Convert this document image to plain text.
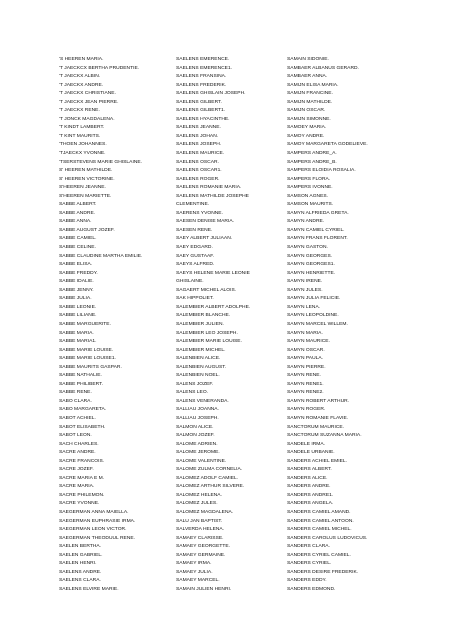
'S HEEREN MARIA.
'T JAECKCX BERTHA PRUDENTIE.
'T JAECKX ALBIN.
'T JAECKX ANDRE.
'T JAECKX CHRISTIANE.
'T JAECKX JEAN PIERRE.
'T JAECKX RENE.
'T JONCK MAGDALENA.
'T KINDT LAMBERT.
'T KINT MAURITS.
'THOEN JOHANNES.
'TJAECKX YVONNE.
'TSERSTEVENS MARIE GHISLAINE.
S' HEEREN MATHILDE.
S' HEEREN VICTORINE.
S'HEEREN JEANNE.
S'HEEREN MARIETTE.
SABBE ALBERT.
SABBE ANDRE.
SABBE ANNA.
SABBE AUGUST JOZEF.
SABBE CAMIEL.
SABBE CELINE.
SABBE CLAUDINE MARTHA EMILIE.
SABBE ELISA.
SABBE FREDDY.
SABBE IDALIE.
SABBE JENNY.
SABBE JULIA.
SABBE LEONIE.
SABBE LILIANE.
SABBE MARGUERITE.
SABBE MARIA.
SABBE MARIA1.
SABBE MARIE LOUISE.
SABBE MARIE LOUISE1.
SABBE MAURITS GASPAR.
SABBE NATHALIE.
SABBE PHILIBERT.
SABBE RENE.
SABO CLARA.
SABO MARGARETA.
SABOT ACHIEL.
SABOT ELISABETH.
SABOT LEON.
SACH CHARLES.
SACRE ANDRE.
SACRE FRANCOIS.
SACRE JOZEF.
SACRE MARIA E M.
SACRE MARIA.
SACRE PHILEMON.
SACRE YVONNE.
SAEGERMAN ANNA MAIELLA.
SAEGERMAN EUPHRASIE IRMA.
SAEGERMAN LEON VICTOR.
SAEGERMAN THEODUUL RENE.
SAELEN BERTHA.
SAELEN GABRIEL.
SAELEN HENRI.
SAELENS ANDRE.
SAELENS CLARA.
SAELENS ELVIRE MARIE.
SAELENS EMERENCE.
SAELENS EMERENCE1.
SAELENS FRANSINA.
SAELENS FREDERIK.
SAELENS GHISLAIN JOSEPH.
SAELENS GILBERT.
SAELENS GILBERT1.
SAELENS HYACINTHE.
SAELENS JEANNE.
SAELENS JOHAN.
SAELENS JOSEPH.
SAELENS MAURICE.
SAELENS OSCAR.
SAELENS OSCAR1.
SAELENS ROGER.
SAELENS ROMANIE MARIA.
SAELENS MATHILDE JOSEPHE
CLEMENTINE.
SAERENS YVONNE.
SAESEN DENISE MARIA.
SAESEN RENE.
SAEY ALBERT JULIAAN.
SAEY EDGARD.
SAEY GUSTAAF.
SAEYS ALFRED.
SAEYS HELENE MARIE LEONIE
GHISLAINE.
SAGAERT MICHEL ALOIS.
SAK HIPPOLIET.
SALEMBIER ALBERT ADOLPHE.
SALEMBIER BLANCHE.
SALEMBIER JULIEN.
SALEMBIER LEO JOSEPH.
SALEMBIER MARIE LOUISE.
SALEMBIER MICHEL.
SALENBIEN ALICE.
SALENBIEN AUGUST.
SALENBIEN NOEL.
SALENS JOZEF.
SALENS LEO.
SALENS VENERANDA.
SALLIAU JOANNA.
SALLIAU JOSEPH.
SALMON ALICE.
SALMON JOZEF.
SALOME ADRIEN.
SALOME JEROME.
SALOME VALENTINE.
SALOME ZULMA CORNELIA.
SALOMEZ ADOLF CAMIEL.
SALOMEZ ARTHUR SILVERE.
SALOMEZ HELENA.
SALOMEZ JULES.
SALOMEZ MAGDALENA.
SALU JAN BAPTIST.
SALVERDA HELENA.
SAMAEY CLARISSE.
SAMAEY GEORGETTE.
SAMAEY GERMAINE.
SAMAEY IRMA.
SAMAEY JULIA.
SAMAEY MARCEL.
SAMAIN JULIEN HENRI.
SAMAIN SIDONIE.
SAMBAER ALBANUS GERARD.
SAMBAER ANNA.
SAMIJN ELISA MARIA.
SAMIJN FRANCINE.
SAMIJN MATHILDE.
SAMIJN OSCAR.
SAMIJN SIMONNE.
SAMOEY MARIA.
SAMOY ANDRE.
SAMOY MARGARETA GODELIEVE.
SAMPERS ANDRE_A.
SAMPERS ANDRE_B.
SAMPERS ELOIDIA ROSALIA.
SAMPERS FLORA.
SAMPERS IVONNE.
SAMSON AGNES.
SAMSON MAURITS.
SAMYN ALFRIEDA GRETA.
SAMYN ANDRE.
SAMYN CAMIEL CYRIEL.
SAMYN FRANS FLORENT.
SAMYN GASTON.
SAMYN GEORGES.
SAMYN GEORGES1.
SAMYN HENRIETTE.
SAMYN IRENE.
SAMYN JULES.
SAMYN JULIA FELICIE.
SAMYN LENA.
SAMYN LEOPOLDINE.
SAMYN MARCEL WILLEM.
SAMYN MARIA.
SAMYN MAURICE.
SAMYN OSCAR.
SAMYN PAULA.
SAMYN PIERRE.
SAMYN RENE.
SAMYN RENE1.
SAMYN RENE2.
SAMYN ROBERT ARTHUR.
SAMYN ROGER.
SAMYN ROMANIE FLAVIE.
SANCTORUM MAURICE.
SANCTORUM SUZANNA MARIA.
SANDELE IRMA.
SANDELE URBANIE.
SANDERS ACHIEL EMIEL.
SANDERS ALBERT.
SANDERS ALICE.
SANDERS ANDRE.
SANDERS ANDRE1.
SANDERS ANGELA.
SANDERS CAMIEL AMAND.
SANDERS CAMIEL ANTOON.
SANDERS CAMIEL MICHEL.
SANDERS CAROLUS LUDOVICUS.
SANDERS CLARA.
SANDERS CYRIEL CAMIEL.
SANDERS CYRIEL.
SANDERS DESIRE FREDERIK.
SANDERS EDDY.
SANDERS EDMOND.
